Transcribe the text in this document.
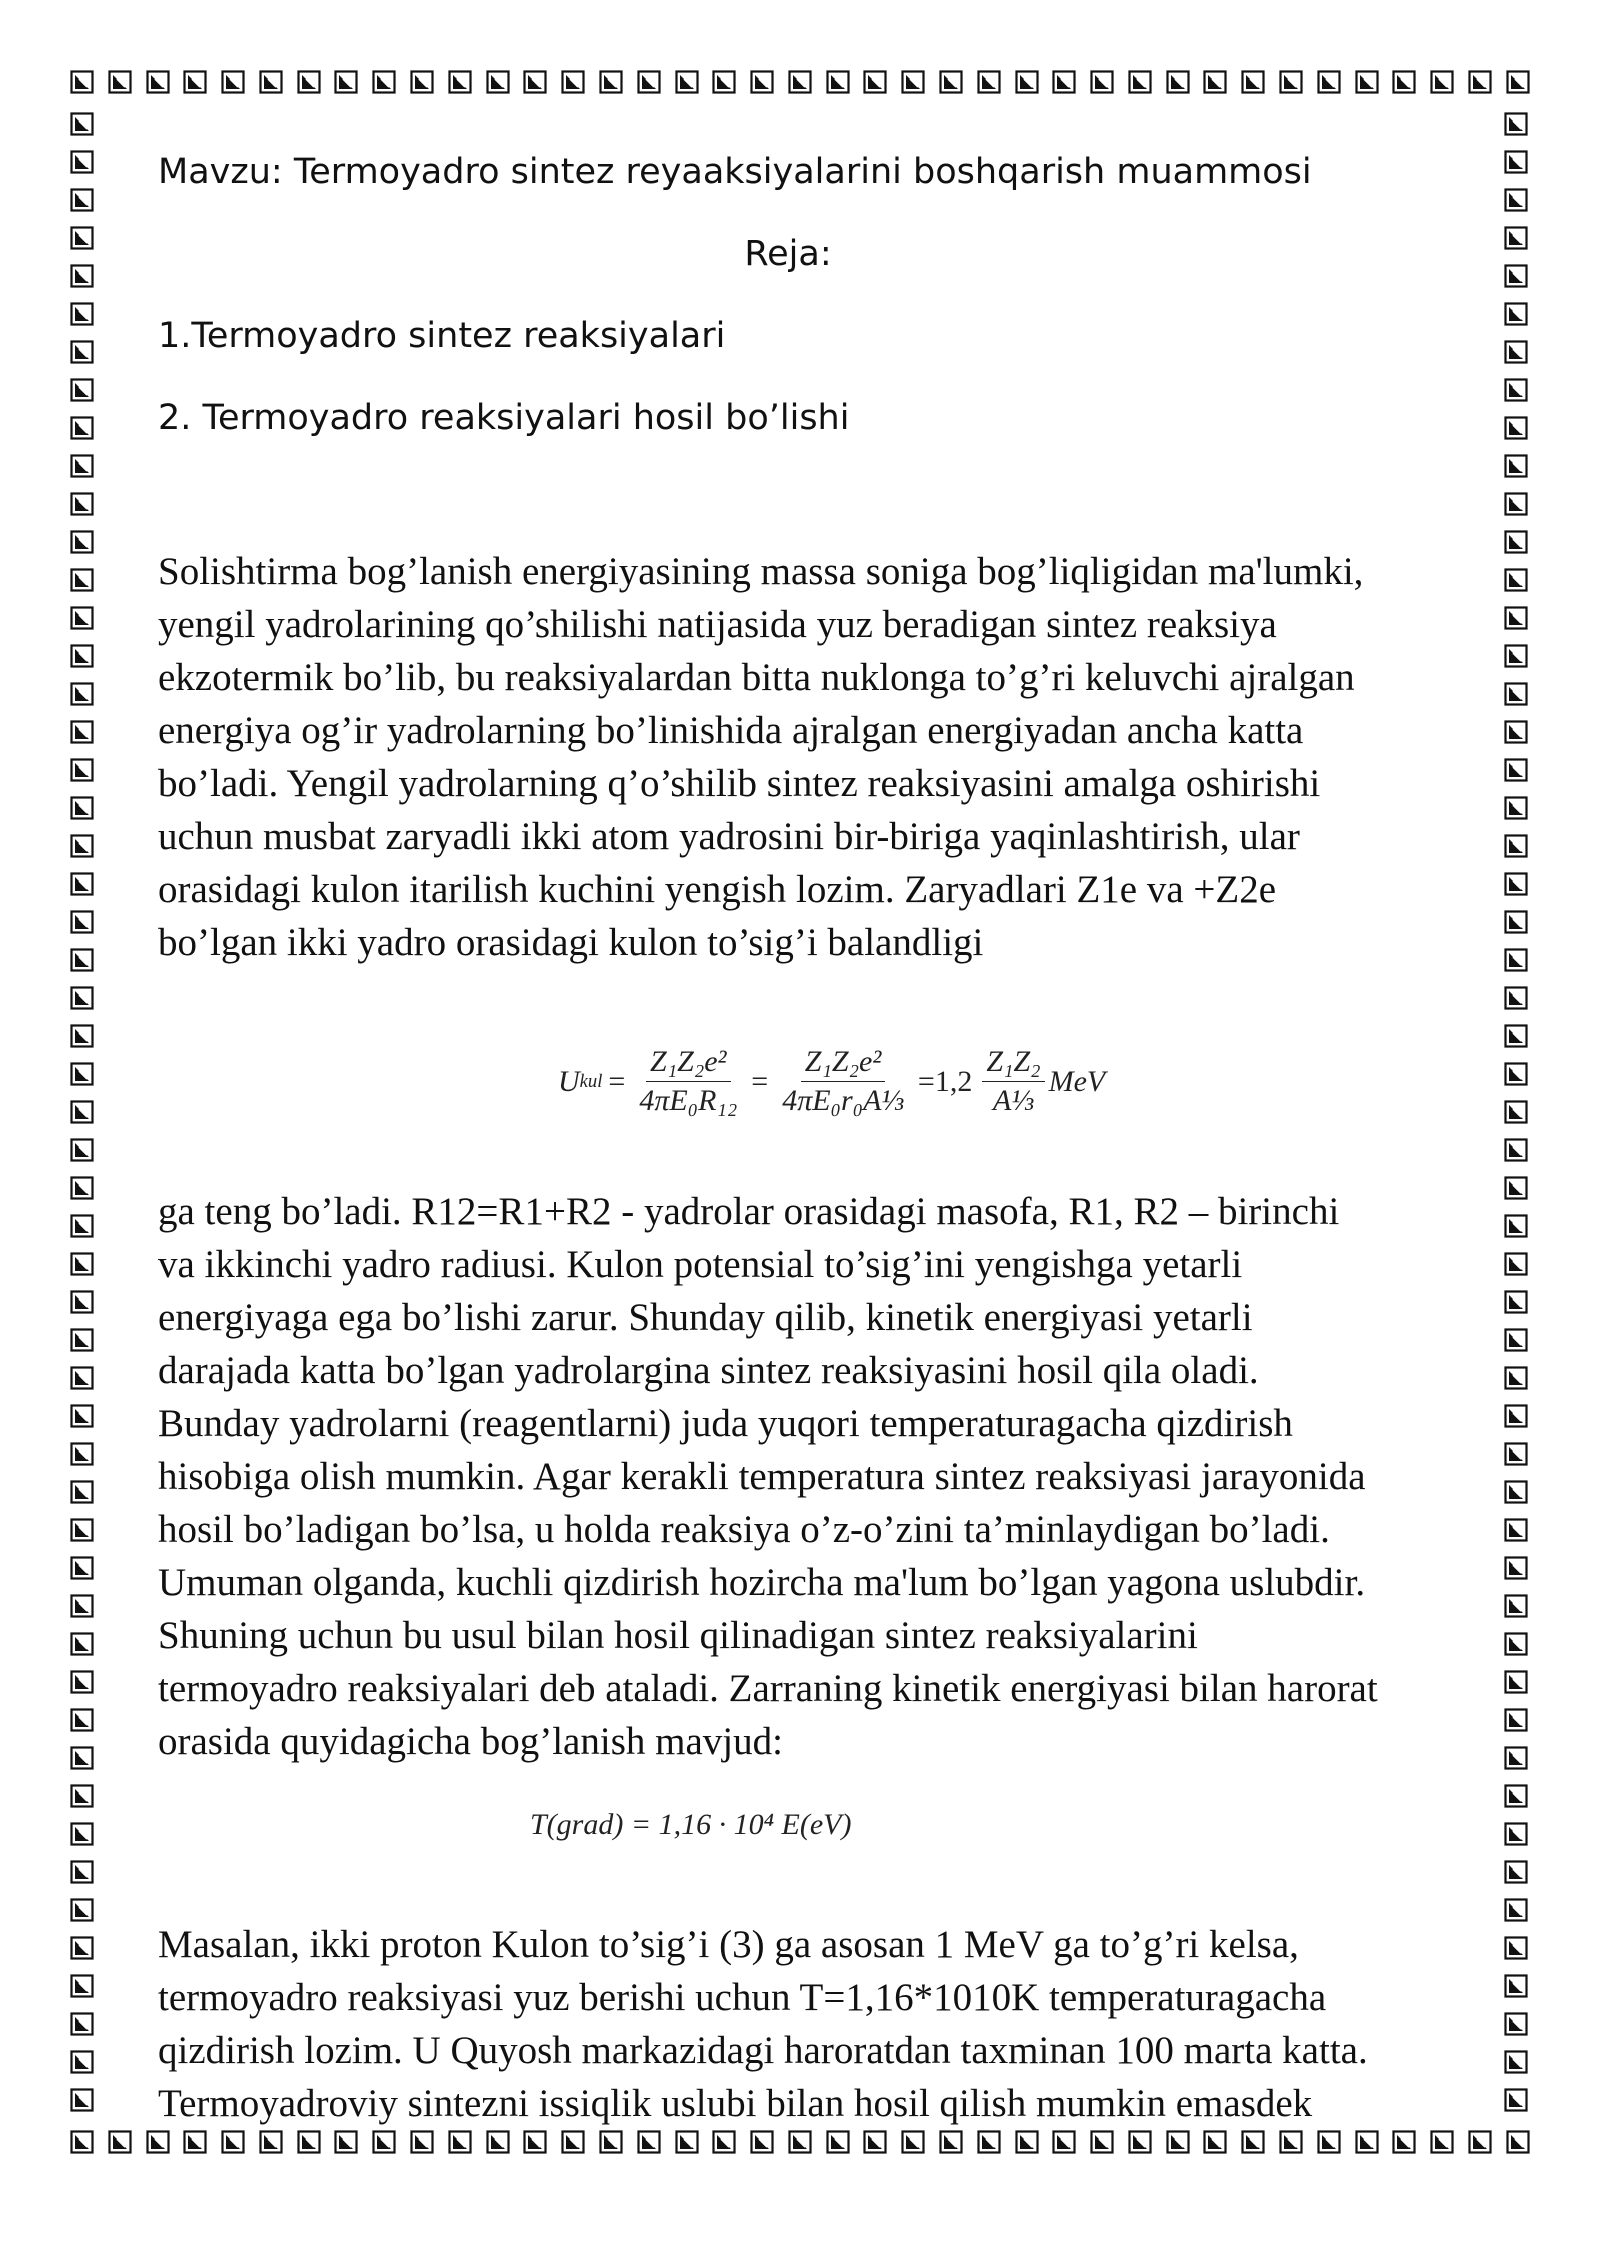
Mavzu: Termoyadro sintez reyaaksiyalarini boshqarish muammosi

Reja:

1.Termoyadro sintez reaksiyalari

2. Termoyadro reaksiyalari hosil bo’lishi

Solishtirma bog’lanish energiyasining massa soniga bog’liqligidan ma'lumki,
yengil yadrolarining qo’shilishi natijasida yuz beradigan sintez reaksiya
ekzotermik bo’lib, bu reaksiyalardan bitta nuklonga to’g’ri keluvchi ajralgan
energiya og’ir yadrolarning bo’linishida ajralgan energiyadan ancha katta
bo’ladi. Yengil yadrolarning q’o’shilib sintez reaksiyasini amalga oshirishi
uchun musbat zaryadli ikki atom yadrosini bir-biriga yaqinlashtirish, ular
orasidagi kulon itarilish kuchini yengish lozim. Zaryadlari Z1e va +Z2e
bo’lgan ikki yadro orasidagi kulon to’sig’i balandligi
U kul = $\frac{\text{Z₁Z₂e²}}{\text{4πE₀R₁₂}} = \frac{\text{Z₁Z₂e²}}{\text{4πE₀r₀A⅓}} =1,2 \frac{\text{Z₁Z₂}}{\text{A⅓}}$ MeV
ga teng bo’ladi. R12=R1+R2 - yadrolar orasidagi masofa, R1, R2 – birinchi
va ikkinchi yadro radiusi. Kulon potensial to’sig’ini yengishga yetarli
energiyaga ega bo’lishi zarur. Shunday qilib, kinetik energiyasi yetarli
darajada katta bo’lgan yadrolargina sintez reaksiyasini hosil qila oladi.
Bunday yadrolarni (reagentlarni) juda yuqori temperaturagacha qizdirish
hisobiga olish mumkin. Agar kerakli temperatura sintez reaksiyasi jarayonida
hosil bo’ladigan bo’lsa, u holda reaksiya o’z-o’zini ta’minlaydigan bo’ladi.
Umuman olganda, kuchli qizdirish hozircha ma'lum bo’lgan yagona uslubdir.
Shuning uchun bu usul bilan hosil qilinadigan sintez reaksiyalarini
termoyadro reaksiyalari deb ataladi. Zarraning kinetik energiyasi bilan harorat
orasida quyidagicha bog’lanish mavjud:
T(grad) = 1,16 · 10⁴ E(eV)
Masalan, ikki proton Kulon to’sig’i (3) ga asosan 1 MeV ga to’g’ri kelsa,
termoyadro reaksiyasi yuz berishi uchun T=1,16*1010K temperaturagacha
qizdirish lozim. U Quyosh markazidagi haroratdan taxminan 100 marta katta.
Termoyadroviy sintezni issiqlik uslubi bilan hosil qilish mumkin emasdek
